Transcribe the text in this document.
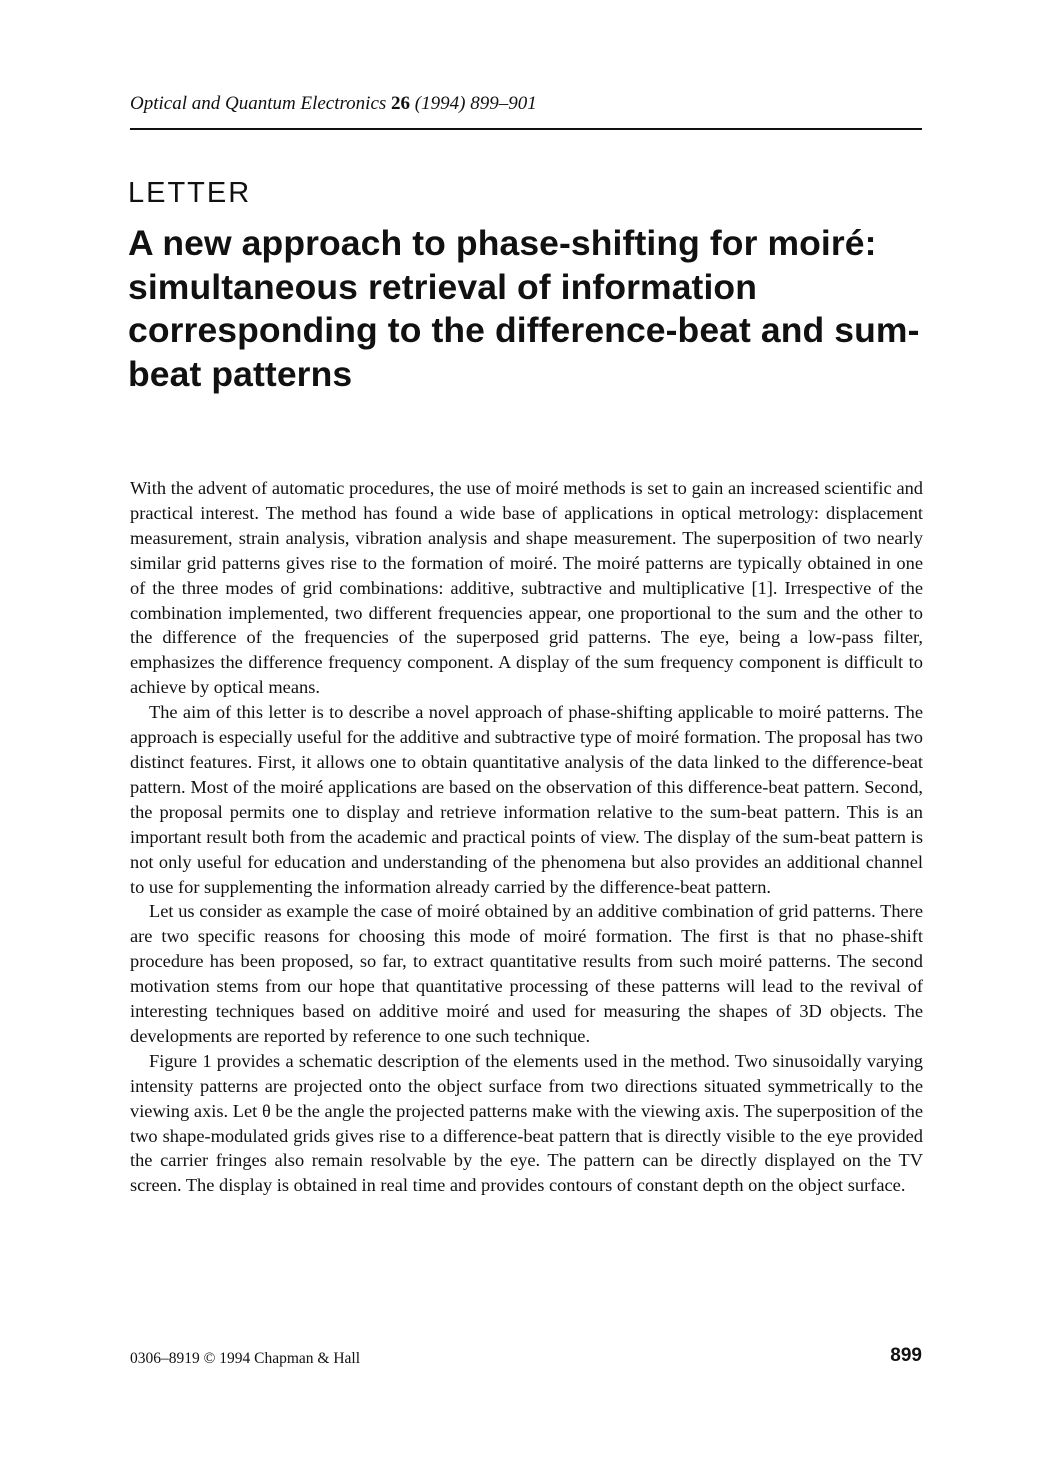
Optical and Quantum Electronics 26 (1994) 899–901
LETTER
A new approach to phase-shifting for moiré: simultaneous retrieval of information corresponding to the difference-beat and sum-beat patterns

With the advent of automatic procedures, the use of moiré methods is set to gain an increased scientific and practical interest. The method has found a wide base of applications in optical metrology: displacement measurement, strain analysis, vibration analysis and shape measurement. The superposition of two nearly similar grid patterns gives rise to the formation of moiré. The moiré patterns are typically obtained in one of the three modes of grid combinations: additive, subtractive and multiplicative [1]. Irrespective of the combination implemented, two different frequencies appear, one proportional to the sum and the other to the difference of the frequencies of the superposed grid patterns. The eye, being a low-pass filter, emphasizes the difference frequency component. A display of the sum frequency component is difficult to achieve by optical means.

The aim of this letter is to describe a novel approach of phase-shifting applicable to moiré patterns. The approach is especially useful for the additive and subtractive type of moiré formation. The proposal has two distinct features. First, it allows one to obtain quantitative analysis of the data linked to the difference-beat pattern. Most of the moiré applications are based on the observation of this difference-beat pattern. Second, the proposal permits one to display and retrieve information relative to the sum-beat pattern. This is an important result both from the academic and practical points of view. The display of the sum-beat pattern is not only useful for education and understanding of the phenomena but also provides an additional channel to use for supplementing the information already carried by the difference-beat pattern.

Let us consider as example the case of moiré obtained by an additive combination of grid patterns. There are two specific reasons for choosing this mode of moiré formation. The first is that no phase-shift procedure has been proposed, so far, to extract quantitative results from such moiré patterns. The second motivation stems from our hope that quantitative processing of these patterns will lead to the revival of interesting techniques based on additive moiré and used for measuring the shapes of 3D objects. The developments are reported by reference to one such technique.

Figure 1 provides a schematic description of the elements used in the method. Two sinusoidally varying intensity patterns are projected onto the object surface from two directions situated symmetrically to the viewing axis. Let θ be the angle the projected patterns make with the viewing axis. The superposition of the two shape-modulated grids gives rise to a difference-beat pattern that is directly visible to the eye provided the carrier fringes also remain resolvable by the eye. The pattern can be directly displayed on the TV screen. The display is obtained in real time and provides contours of constant depth on the object surface.

0306–8919 © 1994 Chapman & Hall	899
